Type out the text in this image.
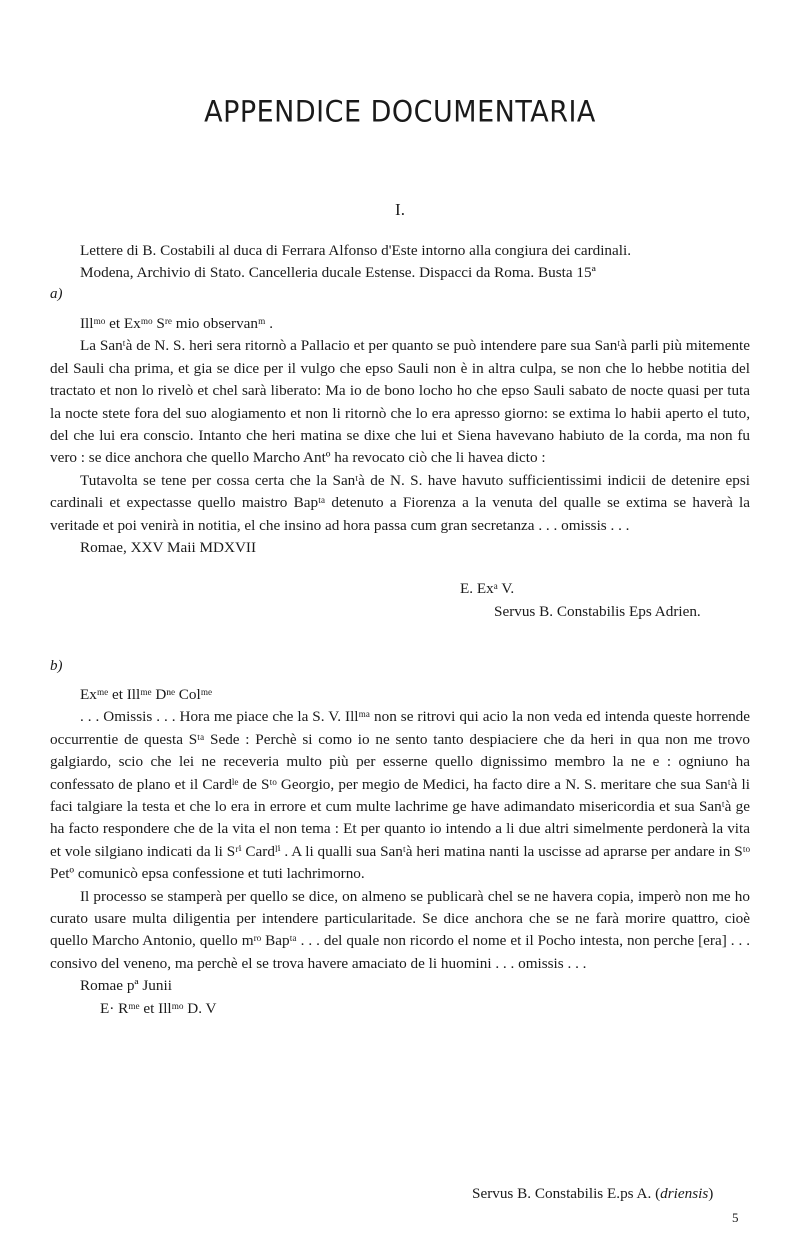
APPENDICE DOCUMENTARIA
I.

Lettere di B. Costabili al duca di Ferrara Alfonso d'Este intorno alla congiura dei cardinali.

Modena, Archivio di Stato. Cancelleria ducale Estense. Dispacci da Roma. Busta 15ª

a)

Illᵐᵒ et Exᵐᵒ Sʳᵉ mio observanᵐ .

La Sanᵗà de N. S. heri sera ritornò a Pallacio et per quanto se può intendere pare sua Sanᵗà parli più mitemente del Sauli cha prima, et gia se dice per il vulgo che epso Sauli non è in altra culpa, se non che lo hebbe notitia del tractato et non lo rivelò et chel sarà liberato: Ma io de bono locho ho che epso Sauli sabato de nocte quasi per tuta la nocte stete fora del suo alogiamento et non li ritornò che lo era apresso giorno: se extima lo habii aperto el tuto, del che lui era conscio. Intanto che heri matina se dixe che lui et Siena havevano habiuto de la corda, ma non fu vero : se dice anchora che quello Marcho Antº ha revocato ciò che li havea dicto :

Tutavolta se tene per cossa certa che la Sanᵗà de N. S. have havuto sufficientissimi indicii de detenire epsi cardinali et expectasse quello maistro Bapᵗᵃ detenuto a Fiorenza a la venuta del qualle se extima se haverà la veritade et poi venirà in notitia, el che insino ad hora passa cum gran secretanza . . . omissis . . .

Romae, XXV Maii MDXVII

E. Exᵃ V.
Servus B. Constabilis Eps Adrien.
b)

Exᵐᵉ et Illᵐᵉ Dⁿᵉ Colᵐᵉ

. . . Omissis . . . Hora me piace che la S. V. Illᵐᵃ non se ritrovi qui acio la non veda ed intenda queste horrende occurrentie de questa Sᵗᵃ Sede : Perchè si como io ne sento tanto despiaciere che da heri in qua non me trovo galgiardo, scio che lei ne receveria multo più per esserne quello dignissimo membro la ne e : ogniuno ha confessato de plano et il Cardˡᵉ de Sᵗᵒ Georgio, per megio de Medici, ha facto dire a N. S. meritare che sua Sanᵗà li faci talgiare la testa et che lo era in errore et cum multe lachrime ge have adimandato misericordia et sua Sanᵗà ge ha facto respondere che de la vita el non tema : Et per quanto io intendo a li due altri simelmente perdonerà la vita et vole silgiano indicati da li Sʳⁱ Cardˡⁱ . A li qualli sua Sanᵗà heri matina nanti la uscisse ad aprarse per andare in Sᵗᵒ Petº comunicò epsa confessione et tuti lachrimorno.

Il processo se stamperà per quello se dice, on almeno se publicarà chel se ne havera copia, imperò non me ho curato usare multa diligentia per intendere particularitade. Se dice anchora che se ne farà morire quattro, cioè quello Marcho Antonio, quello mʳᵒ Bapᵗᵃ . . . del quale non ricordo el nome et il Pocho intesta, non perche [era] . . . consivo del veneno, ma perchè el se trova havere amaciato de li huomini . . . omissis . . .

Romae pª Junii

E· Rᵐᵉ et Illᵐᵒ D. V

Servus B. Constabilis E.ps A. (driensis)
5
